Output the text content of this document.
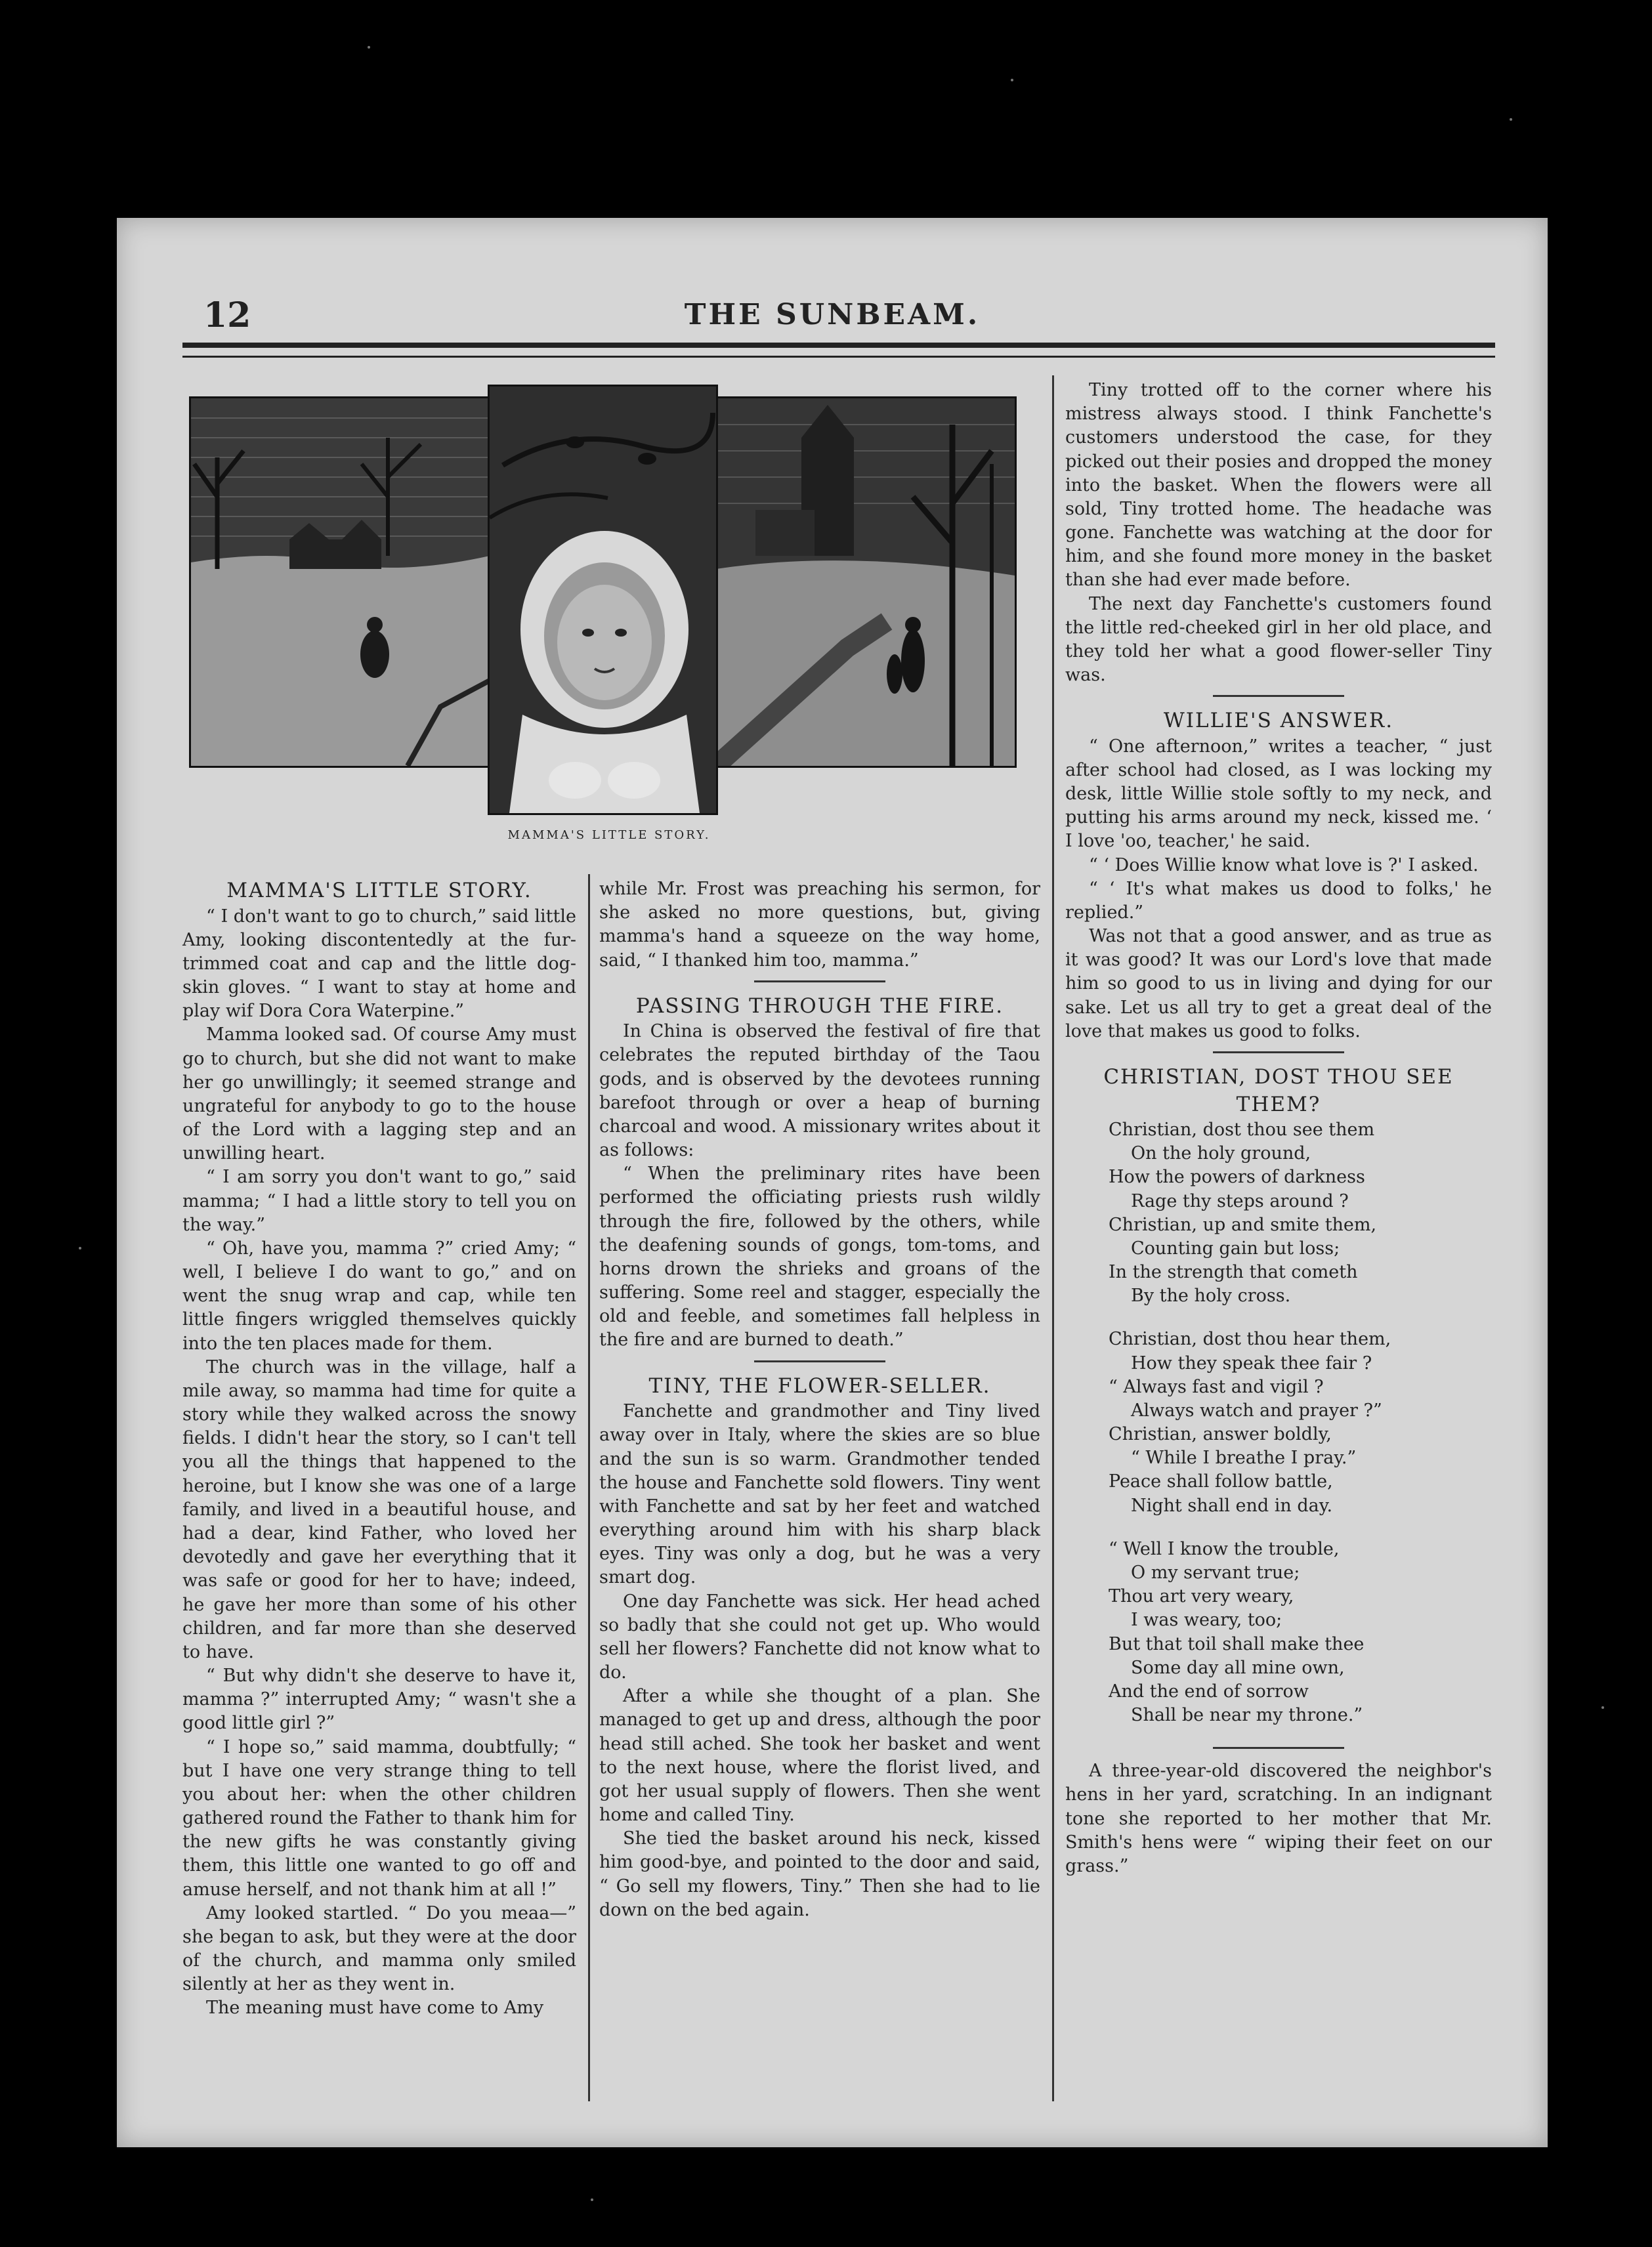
12	THE SUNBEAM.
MAMMA'S LITTLE STORY.

MAMMA'S LITTLE STORY.

“ I don't want to go to church,” said little Amy, looking discontentedly at the fur-trimmed coat and cap and the little dog-skin gloves. “ I want to stay at home and play wif Dora Cora Waterpine.”

Mamma looked sad. Of course Amy must go to church, but she did not want to make her go unwillingly; it seemed strange and ungrateful for anybody to go to the house of the Lord with a lagging step and an unwilling heart.

“ I am sorry you don't want to go,” said mamma; “ I had a little story to tell you on the way.”

“ Oh, have you, mamma ?” cried Amy; “ well, I believe I do want to go,” and on went the snug wrap and cap, while ten little fingers wriggled themselves quickly into the ten places made for them.

The church was in the village, half a mile away, so mamma had time for quite a story while they walked across the snowy fields. I didn't hear the story, so I can't tell you all the things that happened to the heroine, but I know she was one of a large family, and lived in a beautiful house, and had a dear, kind Father, who loved her devotedly and gave her everything that it was safe or good for her to have; indeed, he gave her more than some of his other children, and far more than she deserved to have.

“ But why didn't she deserve to have it, mamma ?” interrupted Amy; “ wasn't she a good little girl ?”

“ I hope so,” said mamma, doubtfully; “ but I have one very strange thing to tell you about her: when the other children gathered round the Father to thank him for the new gifts he was constantly giving them, this little one wanted to go off and amuse herself, and not thank him at all !”

Amy looked startled. “ Do you meaa—” she began to ask, but they were at the door of the church, and mamma only smiled silently at her as they went in.

The meaning must have come to Amy

while Mr. Frost was preaching his sermon, for she asked no more questions, but, giving mamma's hand a squeeze on the way home, said, “ I thanked him too, mamma.”

PASSING THROUGH THE FIRE.

In China is observed the festival of fire that celebrates the reputed birthday of the Taou gods, and is observed by the devotees running barefoot through or over a heap of burning charcoal and wood. A missionary writes about it as follows:

“ When the preliminary rites have been performed the officiating priests rush wildly through the fire, followed by the others, while the deafening sounds of gongs, tom-toms, and horns drown the shrieks and groans of the suffering. Some reel and stagger, especially the old and feeble, and sometimes fall helpless in the fire and are burned to death.”

TINY, THE FLOWER-SELLER.

Fanchette and grandmother and Tiny lived away over in Italy, where the skies are so blue and the sun is so warm. Grandmother tended the house and Fanchette sold flowers. Tiny went with Fanchette and sat by her feet and watched everything around him with his sharp black eyes. Tiny was only a dog, but he was a very smart dog.

One day Fanchette was sick. Her head ached so badly that she could not get up. Who would sell her flowers? Fanchette did not know what to do.

After a while she thought of a plan. She managed to get up and dress, although the poor head still ached. She took her basket and went to the next house, where the florist lived, and got her usual supply of flowers. Then she went home and called Tiny.

She tied the basket around his neck, kissed him good-bye, and pointed to the door and said, “ Go sell my flowers, Tiny.” Then she had to lie down on the bed again.

Tiny trotted off to the corner where his mistress always stood. I think Fanchette's customers understood the case, for they picked out their posies and dropped the money into the basket. When the flowers were all sold, Tiny trotted home. The headache was gone. Fanchette was watching at the door for him, and she found more money in the basket than she had ever made before.

The next day Fanchette's customers found the little red-cheeked girl in her old place, and they told her what a good flower-seller Tiny was.

WILLIE'S ANSWER.

“ One afternoon,” writes a teacher, “ just after school had closed, as I was locking my desk, little Willie stole softly to my neck, and putting his arms around my neck, kissed me. ‘ I love 'oo, teacher,' he said.

“ ‘ Does Willie know what love is ?' I asked.

“ ‘ It's what makes us dood to folks,' he replied.”

Was not that a good answer, and as true as it was good? It was our Lord's love that made him so good to us in living and dying for our sake. Let us all try to get a great deal of the love that makes us good to folks.

CHRISTIAN, DOST THOU SEE THEM?

Christian, dost thou see them

On the holy ground,

How the powers of darkness

Rage thy steps around ?

Christian, up and smite them,

Counting gain but loss;

In the strength that cometh

By the holy cross.

Christian, dost thou hear them,

How they speak thee fair ?

“ Always fast and vigil ?

Always watch and prayer ?”

Christian, answer boldly,

“ While I breathe I pray.”

Peace shall follow battle,

Night shall end in day.

“ Well I know the trouble,

O my servant true;

Thou art very weary,

I was weary, too;

But that toil shall make thee

Some day all mine own,

And the end of sorrow

Shall be near my throne.”

A three-year-old discovered the neighbor's hens in her yard, scratching. In an indignant tone she reported to her mother that Mr. Smith's hens were “ wiping their feet on our grass.”
